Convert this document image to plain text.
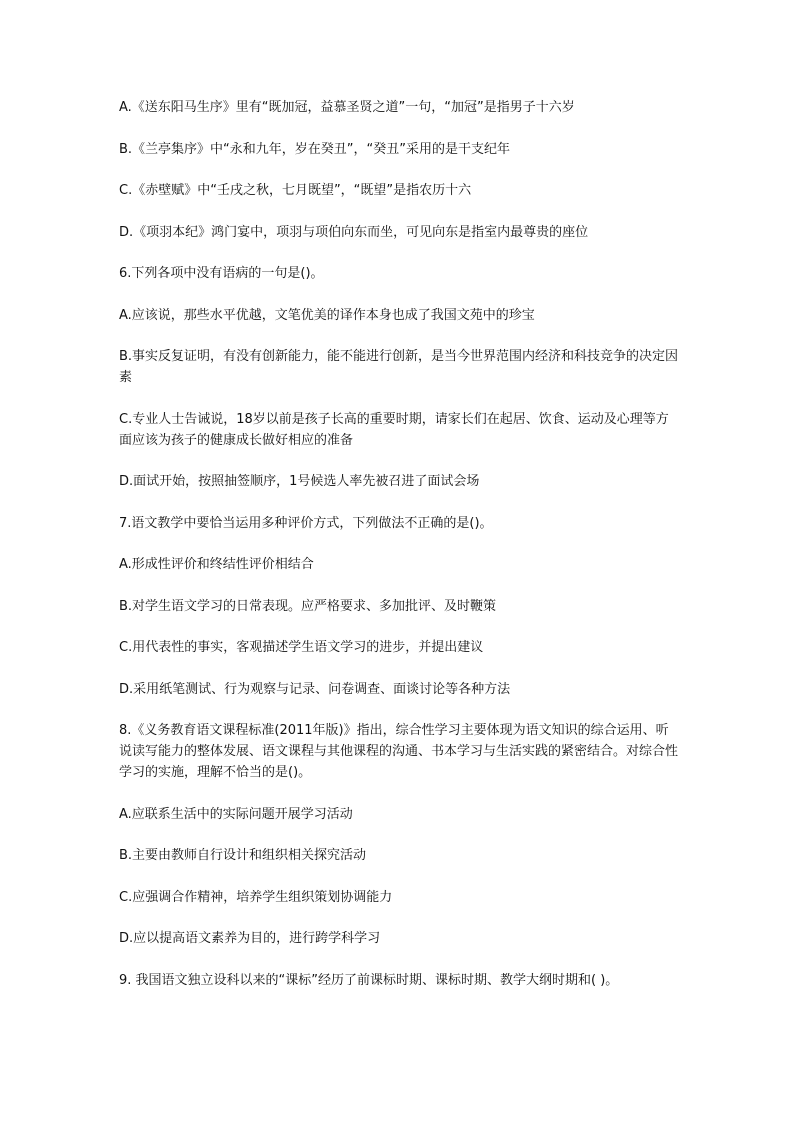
A.《送东阳马生序》里有“既加冠，益慕圣贤之道”一句，“加冠”是指男子十六岁
B.《兰亭集序》中“永和九年，岁在癸丑”，“癸丑”采用的是干支纪年
C.《赤壁赋》中“壬戌之秋，七月既望”，“既望”是指农历十六
D.《项羽本纪》鸿门宴中，项羽与项伯向东而坐，可见向东是指室内最尊贵的座位
6.下列各项中没有语病的一句是()。
A.应该说，那些水平优越，文笔优美的译作本身也成了我国文苑中的珍宝
B.事实反复证明，有没有创新能力，能不能进行创新，是当今世界范围内经济和科技竞争的决定因素
C.专业人士告诫说，18岁以前是孩子长高的重要时期，请家长们在起居、饮食、运动及心理等方面应该为孩子的健康成长做好相应的准备
D.面试开始，按照抽签顺序，1号候选人率先被召进了面试会场
7.语文教学中要恰当运用多种评价方式，下列做法不正确的是()。
A.形成性评价和终结性评价相结合
B.对学生语文学习的日常表现。应严格要求、多加批评、及时鞭策
C.用代表性的事实，客观描述学生语文学习的进步，并提出建议
D.采用纸笔测试、行为观察与记录、问卷调查、面谈讨论等各种方法
8.《义务教育语文课程标准(2011年版)》指出，综合性学习主要体现为语文知识的综合运用、听说读写能力的整体发展、语文课程与其他课程的沟通、书本学习与生活实践的紧密结合。对综合性学习的实施，理解不恰当的是()。
A.应联系生活中的实际问题开展学习活动
B.主要由教师自行设计和组织相关探究活动
C.应强调合作精神，培养学生组织策划协调能力
D.应以提高语文素养为目的，进行跨学科学习
9. 我国语文独立设科以来的“课标”经历了前课标时期、课标时期、教学大纲时期和( )。
